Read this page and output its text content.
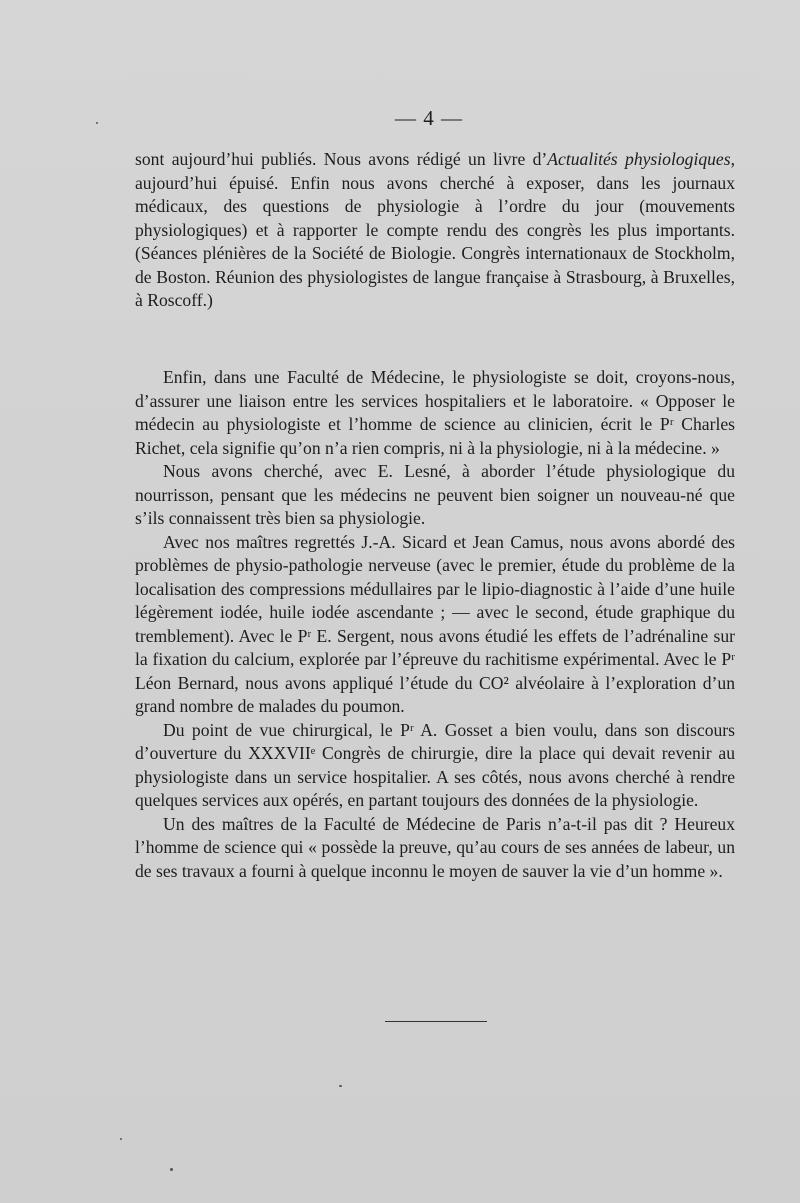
— 4 —

sont aujourd’hui publiés. Nous avons rédigé un livre d’Actualités physiologiques, aujourd’hui épuisé. Enfin nous avons cherché à exposer, dans les journaux médicaux, des questions de physiologie à l’ordre du jour (mouvements physiologiques) et à rapporter le compte rendu des congrès les plus importants. (Séances plénières de la Société de Biologie. Congrès internationaux de Stockholm, de Boston. Réunion des physiologistes de langue française à Strasbourg, à Bruxelles, à Roscoff.)

Enfin, dans une Faculté de Médecine, le physiologiste se doit, croyons-nous, d’assurer une liaison entre les services hospitaliers et le laboratoire. « Opposer le médecin au physiologiste et l’homme de science au clinicien, écrit le Pʳ Charles Richet, cela signifie qu’on n’a rien compris, ni à la physiologie, ni à la médecine. »

Nous avons cherché, avec E. Lesné, à aborder l’étude physiologique du nourrisson, pensant que les médecins ne peuvent bien soigner un nouveau-né que s’ils connaissent très bien sa physiologie.

Avec nos maîtres regrettés J.-A. Sicard et Jean Camus, nous avons abordé des problèmes de physio-pathologie nerveuse (avec le premier, étude du problème de la localisation des compressions médullaires par le lipio-diagnostic à l’aide d’une huile légèrement iodée, huile iodée ascendante ; — avec le second, étude graphique du tremblement). Avec le Pʳ E. Sergent, nous avons étudié les effets de l’adrénaline sur la fixation du calcium, explorée par l’épreuve du rachitisme expérimental. Avec le Pʳ Léon Bernard, nous avons appliqué l’étude du CO² alvéolaire à l’exploration d’un grand nombre de malades du poumon.

Du point de vue chirurgical, le Pʳ A. Gosset a bien voulu, dans son discours d’ouverture du XXXVIIᵉ Congrès de chirurgie, dire la place qui devait revenir au physiologiste dans un service hospitalier. A ses côtés, nous avons cherché à rendre quelques services aux opérés, en partant toujours des données de la physiologie.

Un des maîtres de la Faculté de Médecine de Paris n’a-t-il pas dit ? Heureux l’homme de science qui « possède la preuve, qu’au cours de ses années de labeur, un de ses travaux a fourni à quelque inconnu le moyen de sauver la vie d’un homme ».
